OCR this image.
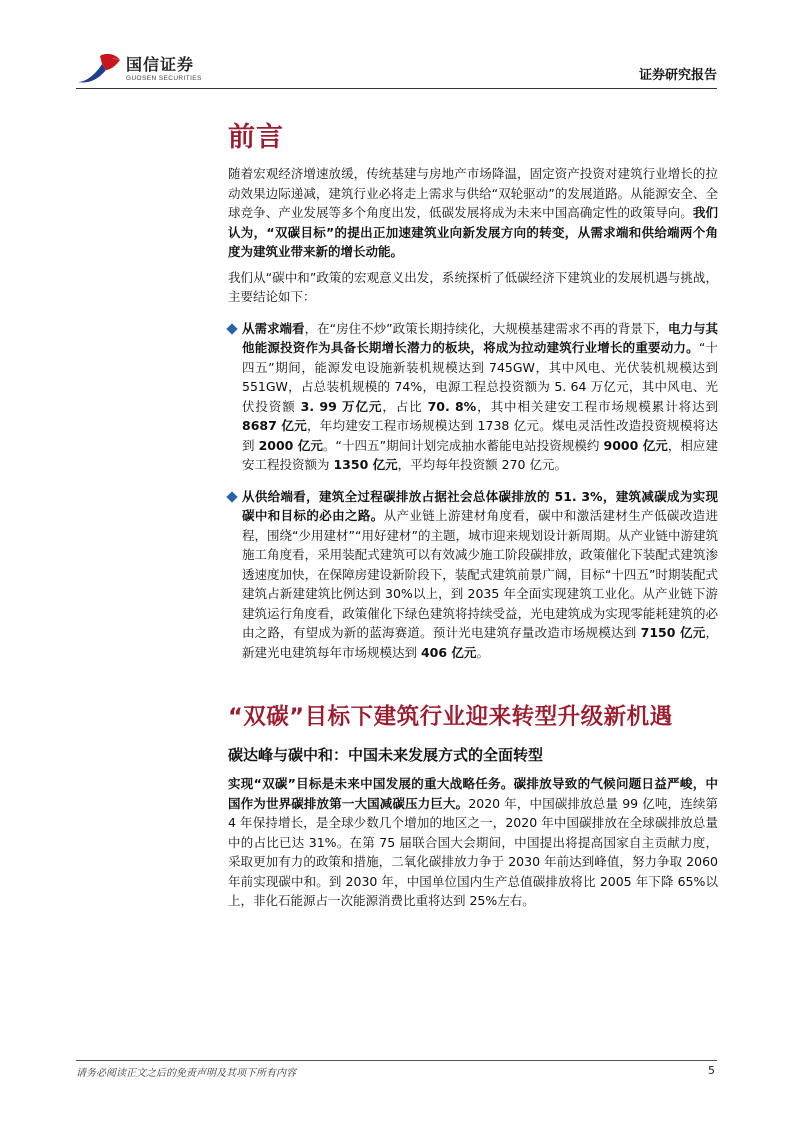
国信证券
GUOSEN SECURITIES	证券研究报告
前言

随着宏观经济增速放缓，传统基建与房地产市场降温，固定资产投资对建筑行业增长的拉动效果边际递减，建筑行业必将走上需求与供给“双轮驱动”的发展道路。从能源安全、全球竞争、产业发展等多个角度出发，低碳发展将成为未来中国高确定性的政策导向。我们认为，“双碳目标”的提出正加速建筑业向新发展方向的转变，从需求端和供给端两个角度为建筑业带来新的增长动能。

我们从“碳中和”政策的宏观意义出发，系统探析了低碳经济下建筑业的发展机遇与挑战，主要结论如下：

从需求端看，在“房住不炒”政策长期持续化，大规模基建需求不再的背景下，电力与其他能源投资作为具备长期增长潜力的板块，将成为拉动建筑行业增长的重要动力。“十四五”期间，能源发电设施新装机规模达到 745GW，其中风电、光伏装机规模达到 551GW，占总装机规模的 74%，电源工程总投资额为 5. 64 万亿元，其中风电、光伏投资额 3. 99 万亿元，占比 70. 8%，其中相关建安工程市场规模累计将达到 8687 亿元，年均建安工程市场规模达到 1738 亿元。煤电灵活性改造投资规模将达到 2000 亿元。“十四五”期间计划完成抽水蓄能电站投资规模约 9000 亿元，相应建安工程投资额为 1350 亿元，平均每年投资额 270 亿元。
从供给端看，建筑全过程碳排放占据社会总体碳排放的 51. 3%，建筑减碳成为实现碳中和目标的必由之路。从产业链上游建材角度看，碳中和激活建材生产低碳改造进程，围绕“少用建材”“用好建材”的主题，城市迎来规划设计新周期。从产业链中游建筑施工角度看，采用装配式建筑可以有效减少施工阶段碳排放，政策催化下装配式建筑渗透速度加快，在保障房建设新阶段下，装配式建筑前景广阔，目标“十四五”时期装配式建筑占新建建筑比例达到 30%以上，到 2035 年全面实现建筑工业化。从产业链下游建筑运行角度看，政策催化下绿色建筑将持续受益，光电建筑成为实现零能耗建筑的必由之路，有望成为新的蓝海赛道。预计光电建筑存量改造市场规模达到 7150 亿元，新建光电建筑每年市场规模达到 406 亿元。
“双碳”目标下建筑行业迎来转型升级新机遇
碳达峰与碳中和：中国未来发展方式的全面转型

实现“双碳”目标是未来中国发展的重大战略任务。碳排放导致的气候问题日益严峻，中国作为世界碳排放第一大国减碳压力巨大。2020 年，中国碳排放总量 99 亿吨，连续第 4 年保持增长，是全球少数几个增加的地区之一，2020 年中国碳排放在全球碳排放总量中的占比已达 31%。在第 75 届联合国大会期间，中国提出将提高国家自主贡献力度，采取更加有力的政策和措施，二氧化碳排放力争于 2030 年前达到峰值，努力争取 2060 年前实现碳中和。到 2030 年，中国单位国内生产总值碳排放将比 2005 年下降 65%以上，非化石能源占一次能源消费比重将达到 25%左右。

请务必阅读正文之后的免责声明及其项下所有内容	5
